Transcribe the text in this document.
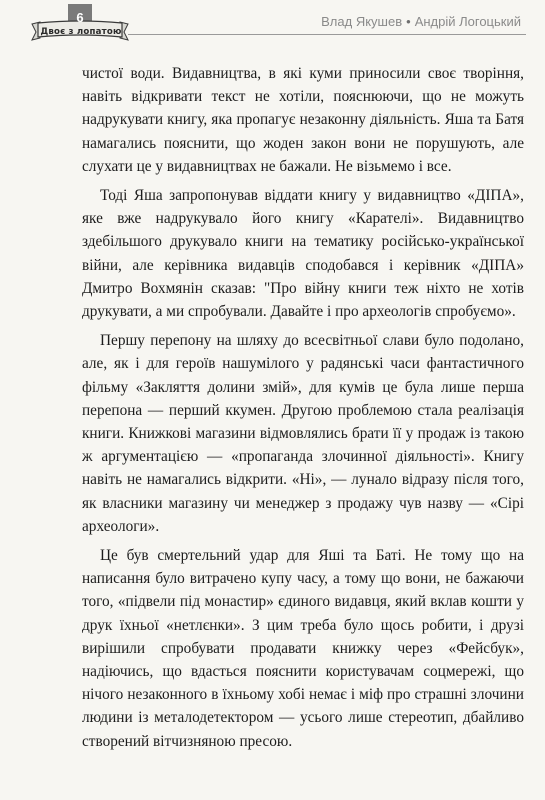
6
Двоє з лопатою
Влад Якушев • Андрій Логоцький

чистої води. Видавництва, в які куми приносили своє творіння, навіть відкривати текст не хотіли, пояснюючи, що не можуть надрукувати книгу, яка пропагує незаконну діяльність. Яша та Батя намагались пояснити, що жоден закон вони не порушують, але слухати це у видавництвах не бажали. Не візьмемо і все.

Тоді Яша запропонував віддати книгу у видавництво «ДІПА», яке вже надрукувало його книгу «Карателі». Видавництво здебільшого друкувало книги на тематику російсько-української війни, але керівника видавців сподобався і керівник «ДІПА» Дмитро Вохмянін сказав: "Про війну книги теж ніхто не хотів друкувати, а ми спробували. Давайте і про археологів спробуємо».

Першу перепону на шляху до всесвітньої слави було подолано, але, як і для героїв нашумілого у радянські часи фантастичного фільму «Закляття долини змій», для кумів це була лише перша перепона — перший ккумен. Другою проблемою стала реалізація книги. Книжкові магазини відмовлялись брати її у продаж із такою ж аргументацією — «пропаганда злочинної діяльності». Книгу навіть не намагались відкрити. «Ні», — лунало відразу після того, як власники магазину чи менеджер з продажу чув назву — «Сірі археологи».

Це був смертельний удар для Яші та Баті. Не тому що на написання було витрачено купу часу, а тому що вони, не бажаючи того, «підвели під монастир» єдиного видавця, який вклав кошти у друк їхньої «нетлєнки». З цим треба було щось робити, і друзі вирішили спробувати продавати книжку через «Фейсбук», надіючись, що вдасться пояснити користувачам соцмережі, що нічого незаконного в їхньому хобі немає і міф про страшні злочини людини із металодетектором — усього лише стереотип, дбайливо створений вітчизняною пресою.
